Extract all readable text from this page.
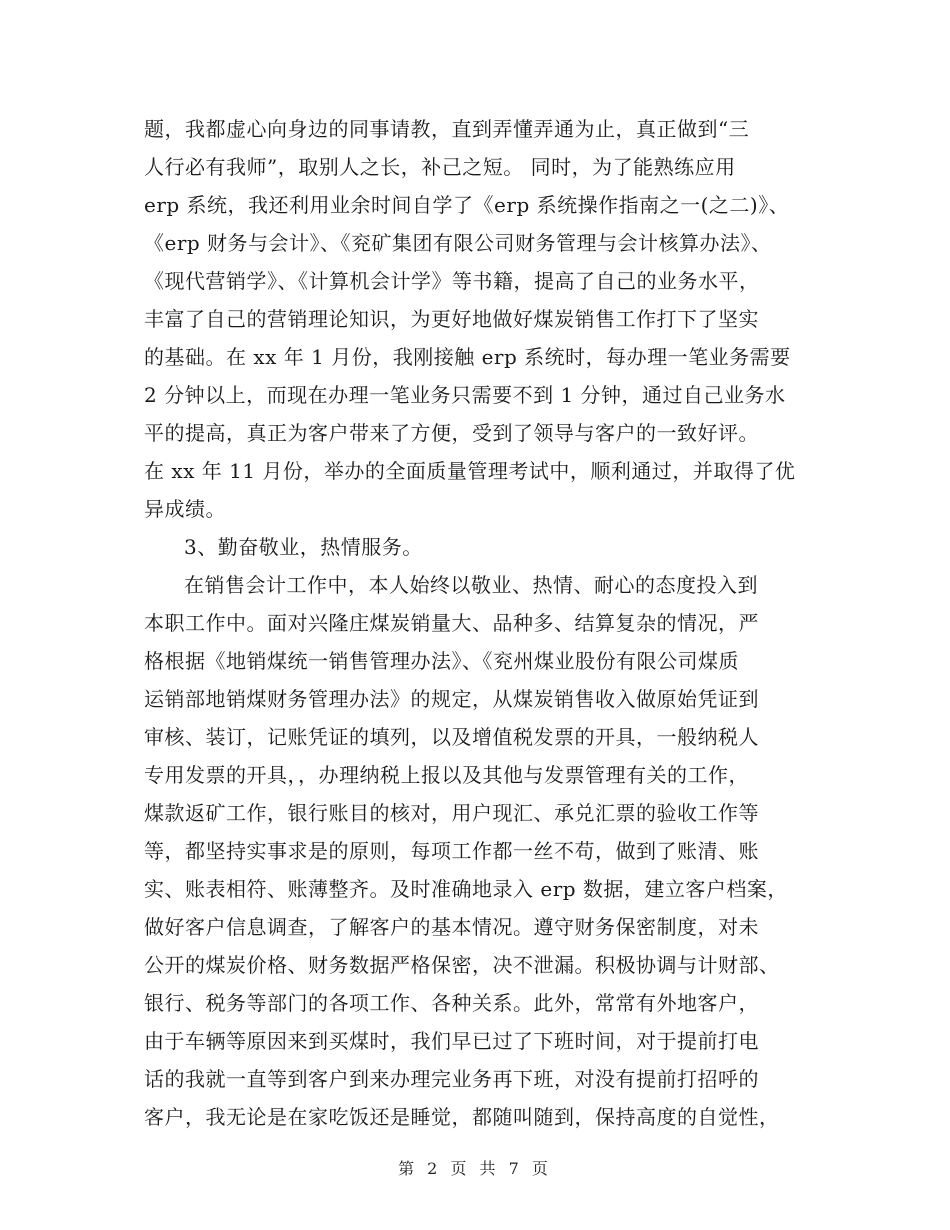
题，我都虚心向身边的同事请教，直到弄懂弄通为止，真正做到“三
人行必有我师”，取别人之长，补己之短。 同时，为了能熟练应用
erp 系统，我还利用业余时间自学了《erp 系统操作指南之一(之二)》、
《erp 财务与会计》、《兖矿集团有限公司财务管理与会计核算办法》、
《现代营销学》、《计算机会计学》等书籍，提高了自己的业务水平，
丰富了自己的营销理论知识，为更好地做好煤炭销售工作打下了坚实
的基础。在 xx 年 1 月份，我刚接触 erp 系统时，每办理一笔业务需要
2 分钟以上，而现在办理一笔业务只需要不到 1 分钟，通过自己业务水
平的提高，真正为客户带来了方便，受到了领导与客户的一致好评。
在 xx 年 11 月份，举办的全面质量管理考试中，顺利通过，并取得了优
异成绩。
3、勤奋敬业，热情服务。
在销售会计工作中，本人始终以敬业、热情、耐心的态度投入到
本职工作中。面对兴隆庄煤炭销量大、品种多、结算复杂的情况，严
格根据《地销煤统一销售管理办法》、《兖州煤业股份有限公司煤质
运销部地销煤财务管理办法》的规定，从煤炭销售收入做原始凭证到
审核、装订，记账凭证的填列，以及增值税发票的开具，一般纳税人
专用发票的开具，，办理纳税上报以及其他与发票管理有关的工作，
煤款返矿工作，银行账目的核对，用户现汇、承兑汇票的验收工作等
等，都坚持实事求是的原则，每项工作都一丝不苟，做到了账清、账
实、账表相符、账薄整齐。及时准确地录入 erp 数据，建立客户档案，
做好客户信息调查，了解客户的基本情况。遵守财务保密制度，对未
公开的煤炭价格、财务数据严格保密，决不泄漏。积极协调与计财部、
银行、税务等部门的各项工作、各种关系。此外，常常有外地客户，
由于车辆等原因来到买煤时，我们早已过了下班时间，对于提前打电
话的我就一直等到客户到来办理完业务再下班，对没有提前打招呼的
客户，我无论是在家吃饭还是睡觉，都随叫随到，保持高度的自觉性，
第 2 页 共 7 页
